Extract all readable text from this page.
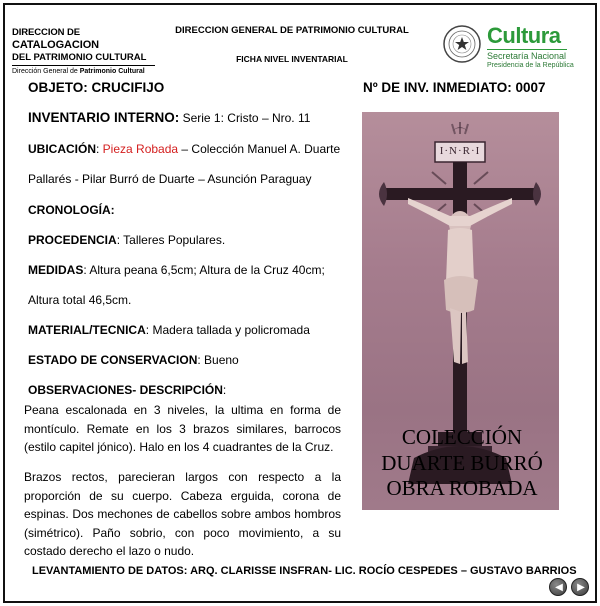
DIRECCION DE CATALOGACION
DEL PATRIMONIO CULTURAL
Dirección General de Patrimonio Cultural
DIRECCION GENERAL DE PATRIMONIO CULTURAL
FICHA NIVEL INVENTARIAL
Cultura
Secretaría Nacional
Presidencia de la República
OBJETO: CRUCIFIJO	Nº DE INV. INMEDIATO: 0007
INVENTARIO INTERNO: Serie 1: Cristo – Nro. 11
UBICACIÓN: Pieza Robada – Colección Manuel A. Duarte
Pallarés - Pilar Burró de Duarte – Asunción Paraguay
CRONOLOGÍA:
PROCEDENCIA: Talleres Populares.
MEDIDAS: Altura peana 6,5cm; Altura de la Cruz 40cm;
Altura total 46,5cm.
MATERIAL/TECNICA: Madera tallada y policromada
ESTADO DE CONSERVACION: Bueno
OBSERVACIONES- DESCRIPCIÓN:
Peana escalonada en 3 niveles, la ultima en forma de montículo. Remate en los 3 brazos similares, barrocos (estilo capitel jónico). Halo en los 4 cuadrantes de la Cruz.
Brazos rectos, parecieran largos con respecto a la proporción de su cuerpo. Cabeza erguida, corona de espinas. Dos mechones de cabellos sobre ambos hombros (simétrico). Paño sobrio, con poco movimiento, a su costado derecho el lazo o nudo.
I·N·R·I
COLECCIÓN
DUARTE BURRÓ
OBRA ROBADA
LEVANTAMIENTO DE DATOS: ARQ. CLARISSE INSFRAN- LIC. ROCÍO CESPEDES – GUSTAVO BARRIOS
◀	▶
